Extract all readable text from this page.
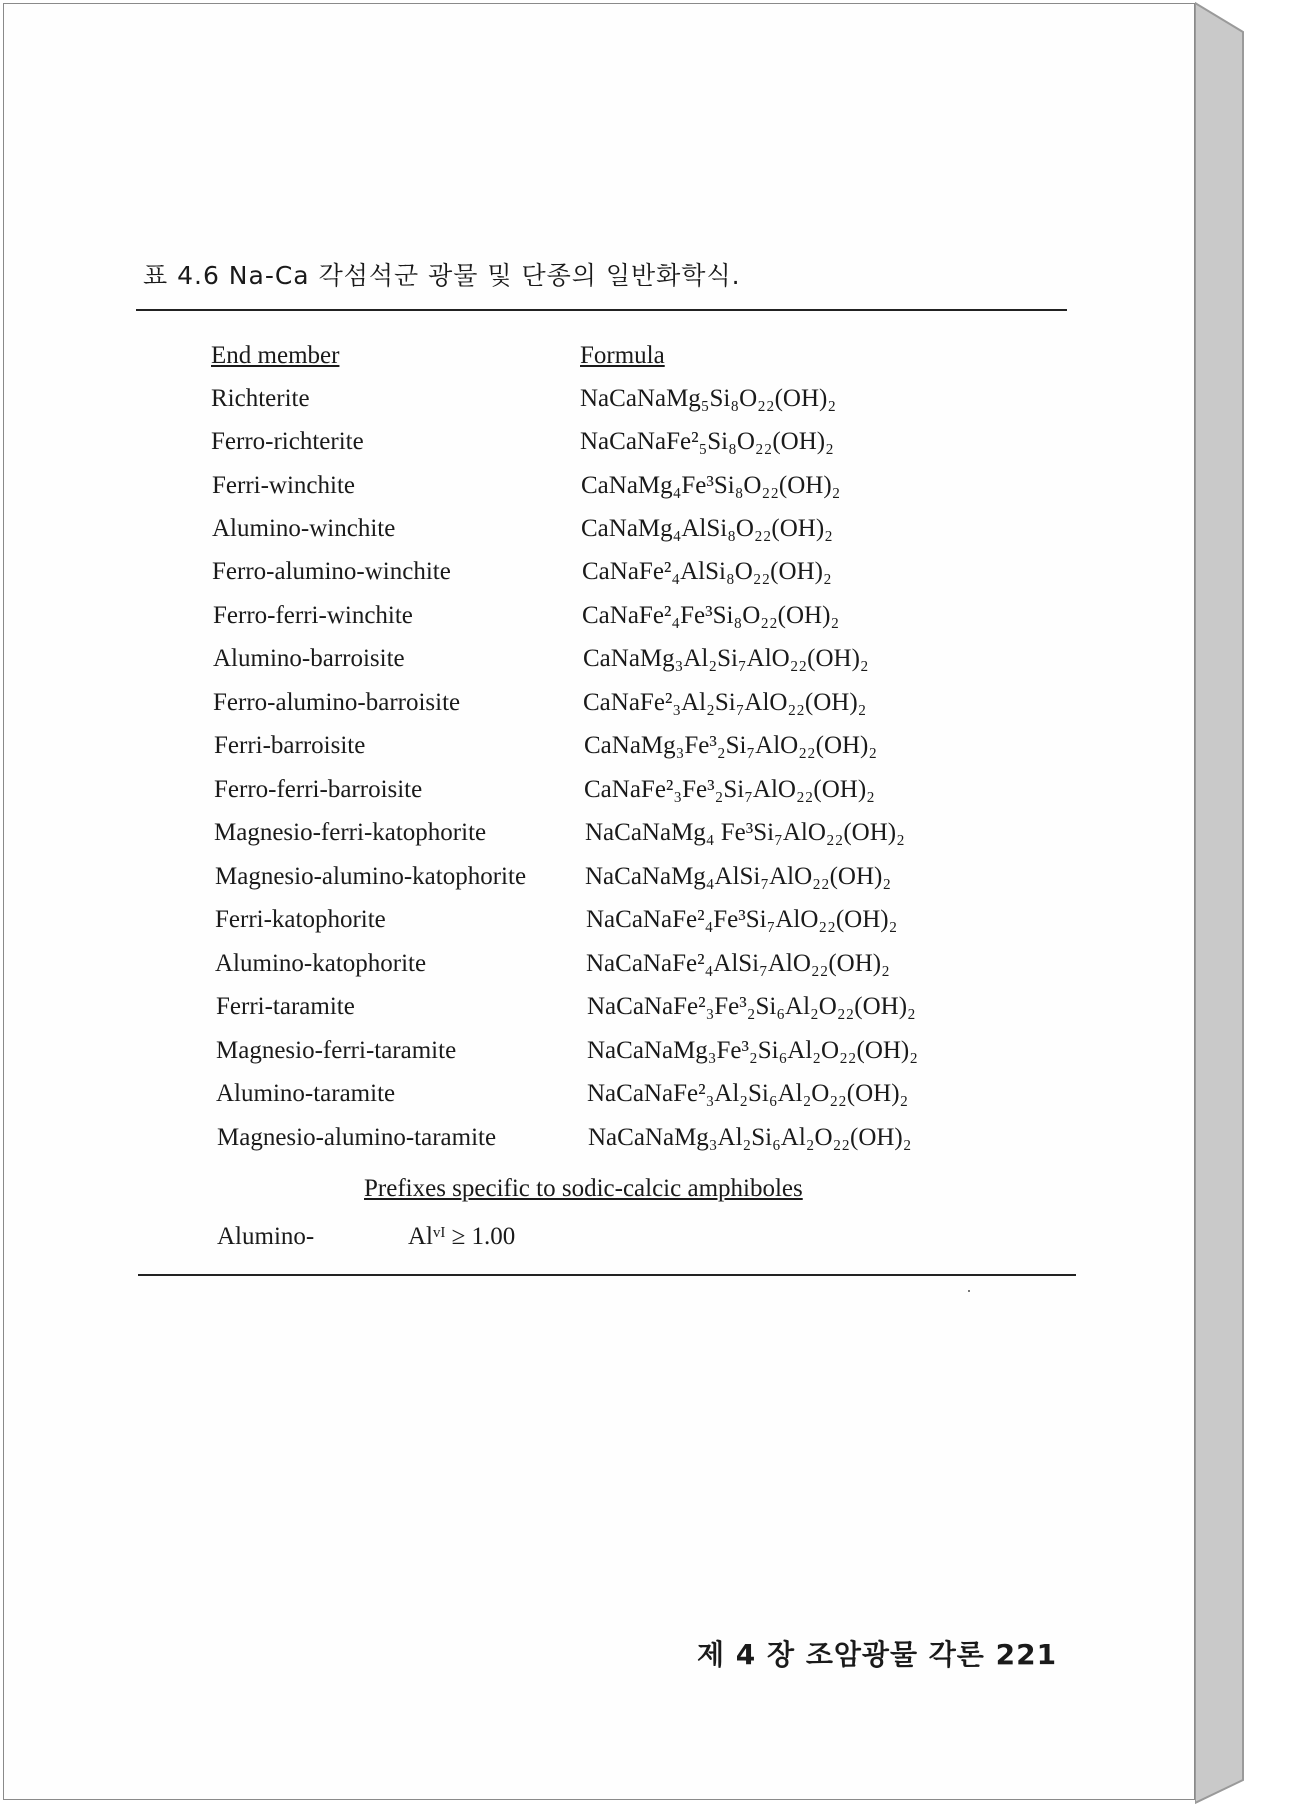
표 4.6 Na-Ca 각섬석군 광물 및 단종의 일반화학식.
End member	Formula
Richterite	NaCaNaMg₅Si₈O₂₂(OH)₂
Ferro-richterite	NaCaNaFe²₅Si₈O₂₂(OH)₂
Ferri-winchite	CaNaMg₄Fe³Si₈O₂₂(OH)₂
Alumino-winchite	CaNaMg₄AlSi₈O₂₂(OH)₂
Ferro-alumino-winchite	CaNaFe²₄AlSi₈O₂₂(OH)₂
Ferro-ferri-winchite	CaNaFe²₄Fe³Si₈O₂₂(OH)₂
Alumino-barroisite	CaNaMg₃Al₂Si₇AlO₂₂(OH)₂
Ferro-alumino-barroisite	CaNaFe²₃Al₂Si₇AlO₂₂(OH)₂
Ferri-barroisite	CaNaMg₃Fe³₂Si₇AlO₂₂(OH)₂
Ferro-ferri-barroisite	CaNaFe²₃Fe³₂Si₇AlO₂₂(OH)₂
Magnesio-ferri-katophorite	NaCaNaMg₄ Fe³Si₇AlO₂₂(OH)₂
Magnesio-alumino-katophorite NaCaNaMg₄AlSi₇AlO₂₂(OH)₂
Ferri-katophorite	NaCaNaFe²₄Fe³Si₇AlO₂₂(OH)₂
Alumino-katophorite	NaCaNaFe²₄AlSi₇AlO₂₂(OH)₂
Ferri-taramite	NaCaNaFe²₃Fe³₂Si₆Al₂O₂₂(OH)₂
Magnesio-ferri-taramite	NaCaNaMg₃Fe³₂Si₆Al₂O₂₂(OH)₂
Alumino-taramite	NaCaNaFe²₃Al₂Si₆Al₂O₂₂(OH)₂
Magnesio-alumino-taramite	NaCaNaMg₃Al₂Si₆Al₂O₂₂(OH)₂
Prefixes specific to sodic-calcic amphiboles
Alumino-	Alᵛᴵ ≥ 1.00
제 4 장 조암광물 각론 221
